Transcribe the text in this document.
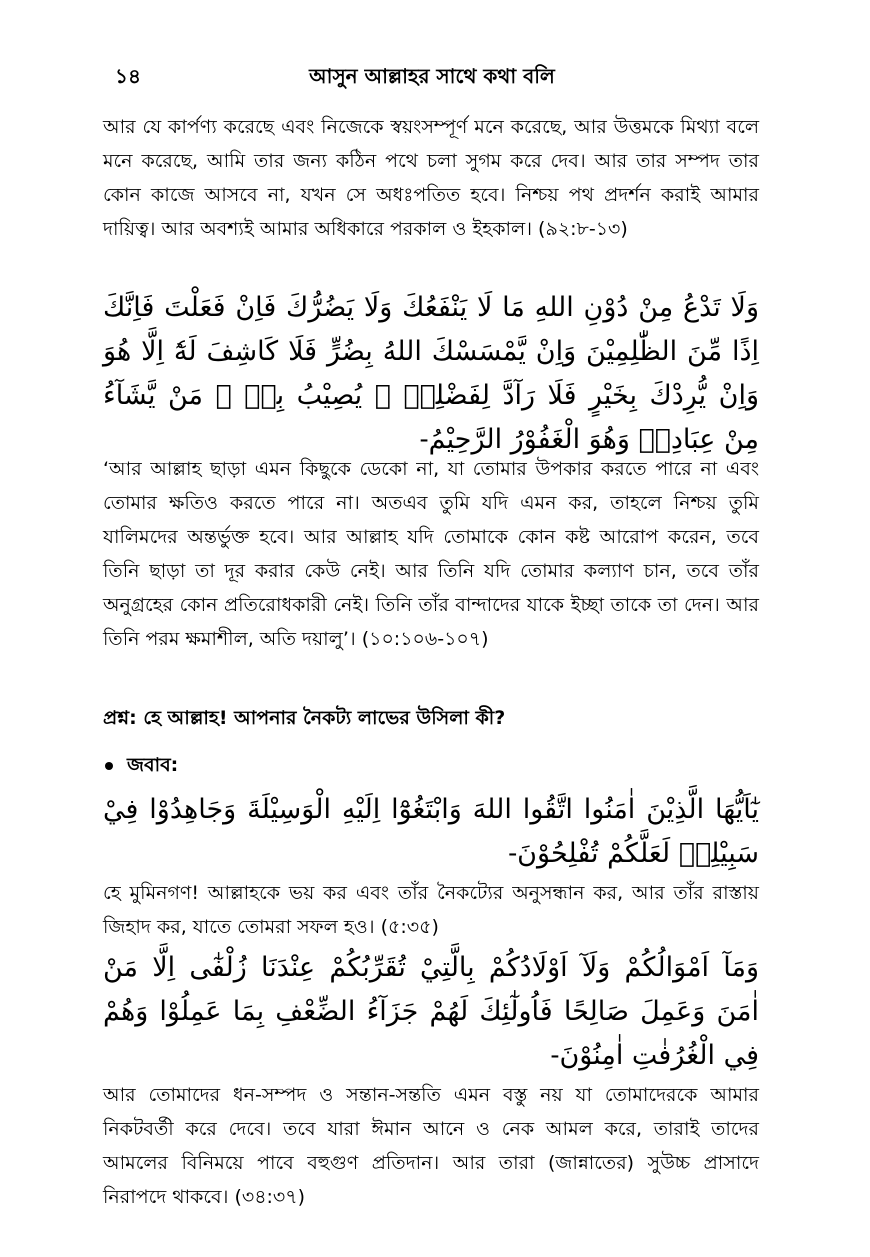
১৪	আসুন আল্লাহর সাথে কথা বলি

আর যে কার্পণ্য করেছে এবং নিজেকে স্বয়ংসম্পূর্ণ মনে করেছে, আর উত্তমকে মিথ্যা বলে মনে করেছে, আমি তার জন্য কঠিন পথে চলা সুগম করে দেব। আর তার সম্পদ তার কোন কাজে আসবে না, যখন সে অধঃপতিত হবে। নিশ্চয় পথ প্রদর্শন করাই আমার দায়িত্ব। আর অবশ্যই আমার অধিকারে পরকাল ও ইহকাল। (৯২:৮-১৩)

وَلَا تَدْعُ مِنْ دُوْنِ اللهِ مَا لَا يَنْفَعُكَ وَلَا يَضُرُّكَ فَاِنْ فَعَلْتَ فَاِنَّكَ اِذًا مِّنَ الظّٰلِمِيْنَ وَاِنْ يَّمْسَسْكَ اللهُ بِضُرٍّ فَلَا كَاشِفَ لَهٗٓ اِلَّا هُوَ وَاِنْ يُّرِدْكَ بِخَيْرٍ فَلَا رَآدَّ لِفَضْلِهٖ ۖ يُصِيْبُ بِهٖ ۖ مَنْ يَّشَآءُ مِنْ عِبَادِهٖ وَهُوَ الْغَفُوْرُ الرَّحِيْمُ-

‘আর আল্লাহ ছাড়া এমন কিছুকে ডেকো না, যা তোমার উপকার করতে পারে না এবং তোমার ক্ষতিও করতে পারে না। অতএব তুমি যদি এমন কর, তাহলে নিশ্চয় তুমি যালিমদের অন্তর্ভুক্ত হবে। আর আল্লাহ যদি তোমাকে কোন কষ্ট আরোপ করেন, তবে তিনি ছাড়া তা দূর করার কেউ নেই। আর তিনি যদি তোমার কল্যাণ চান, তবে তাঁর অনুগ্রহের কোন প্রতিরোধকারী নেই। তিনি তাঁর বান্দাদের যাকে ইচ্ছা তাকে তা দেন। আর তিনি পরম ক্ষমাশীল, অতি দয়ালু’। (১০:১০৬-১০৭)

প্রশ্ন: হে আল্লাহ! আপনার নৈকট্য লাভের উসিলা কী?
জবাব:

يٰٓاَيُّهَا الَّذِيْنَ اٰمَنُوا اتَّقُوا اللهَ وَابْتَغُوْٓا اِلَيْهِ الْوَسِيْلَةَ وَجَاهِدُوْا فِيْ سَبِيْلِهٖ لَعَلَّكُمْ تُفْلِحُوْنَ-

হে মুমিনগণ! আল্লাহকে ভয় কর এবং তাঁর নৈকট্যের অনুসন্ধান কর, আর তাঁর রাস্তায় জিহাদ কর, যাতে তোমরা সফল হও। (৫:৩৫)

وَمَآ اَمْوَالُكُمْ وَلَآ اَوْلَادُكُمْ بِالَّتِيْ تُقَرِّبُكُمْ عِنْدَنَا زُلْفٰٓى اِلَّا مَنْ اٰمَنَ وَعَمِلَ صَالِحًا فَاُولٰٓئِكَ لَهُمْ جَزَآءُ الضِّعْفِ بِمَا عَمِلُوْا وَهُمْ فِي الْغُرُفٰتِ اٰمِنُوْنَ-

আর তোমাদের ধন-সম্পদ ও সন্তান-সন্ততি এমন বস্তু নয় যা তোমাদেরকে আমার নিকটবর্তী করে দেবে। তবে যারা ঈমান আনে ও নেক আমল করে, তারাই তাদের আমলের বিনিময়ে পাবে বহুগুণ প্রতিদান। আর তারা (জান্নাতের) সুউচ্চ প্রাসাদে নিরাপদে থাকবে। (৩৪:৩৭)
